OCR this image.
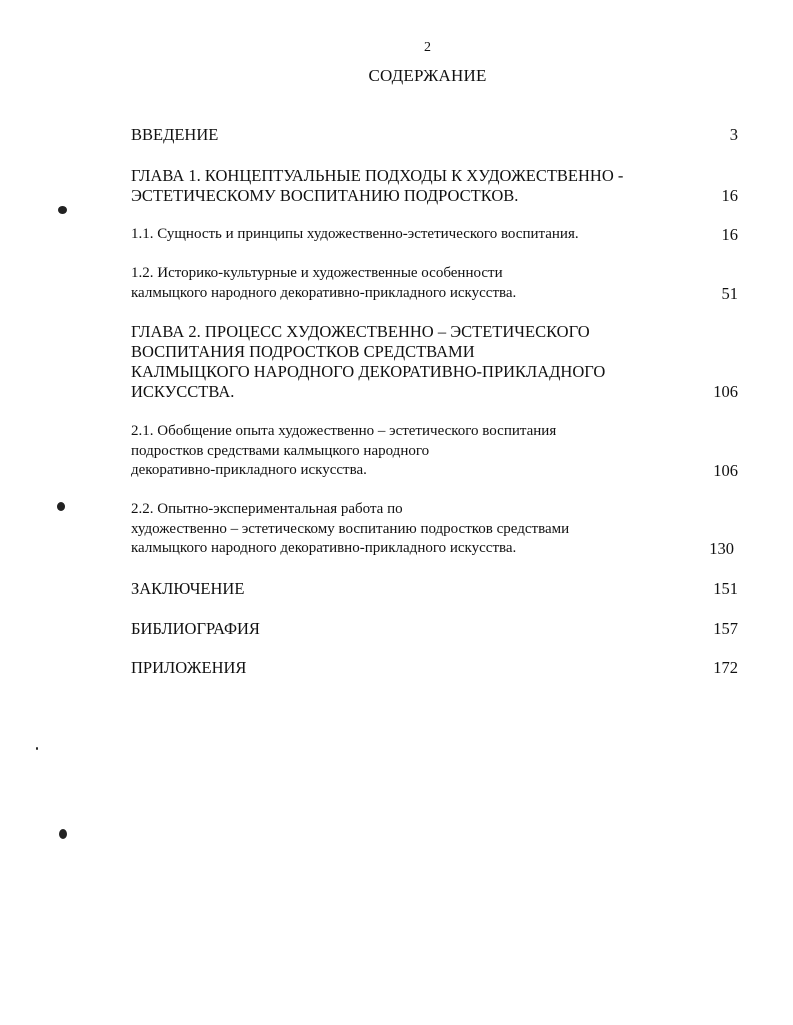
2
СОДЕРЖАНИЕ
ВВЕДЕНИЕ	3
ГЛАВА 1. КОНЦЕПТУАЛЬНЫЕ ПОДХОДЫ К ХУДОЖЕСТВЕННО -
ЭСТЕТИЧЕСКОМУ ВОСПИТАНИЮ ПОДРОСТКОВ.	16
1.1. Сущность и принципы художественно-эстетического воспитания.	16
1.2. Историко-культурные и художественные особенности
калмыцкого народного декоративно-прикладного искусства.	51
ГЛАВА 2. ПРОЦЕСС ХУДОЖЕСТВЕННО – ЭСТЕТИЧЕСКОГО
ВОСПИТАНИЯ ПОДРОСТКОВ СРЕДСТВАМИ
КАЛМЫЦКОГО НАРОДНОГО ДЕКОРАТИВНО-ПРИКЛАДНОГО
ИСКУССТВА.	106
2.1. Обобщение опыта художественно – эстетического воспитания
подростков средствами калмыцкого народного
декоративно-прикладного искусства.	106
2.2. Опытно-экспериментальная работа по
художественно – эстетическому воспитанию подростков средствами
калмыцкого народного декоративно-прикладного искусства.	130
ЗАКЛЮЧЕНИЕ	151
БИБЛИОГРАФИЯ	157
ПРИЛОЖЕНИЯ	172
